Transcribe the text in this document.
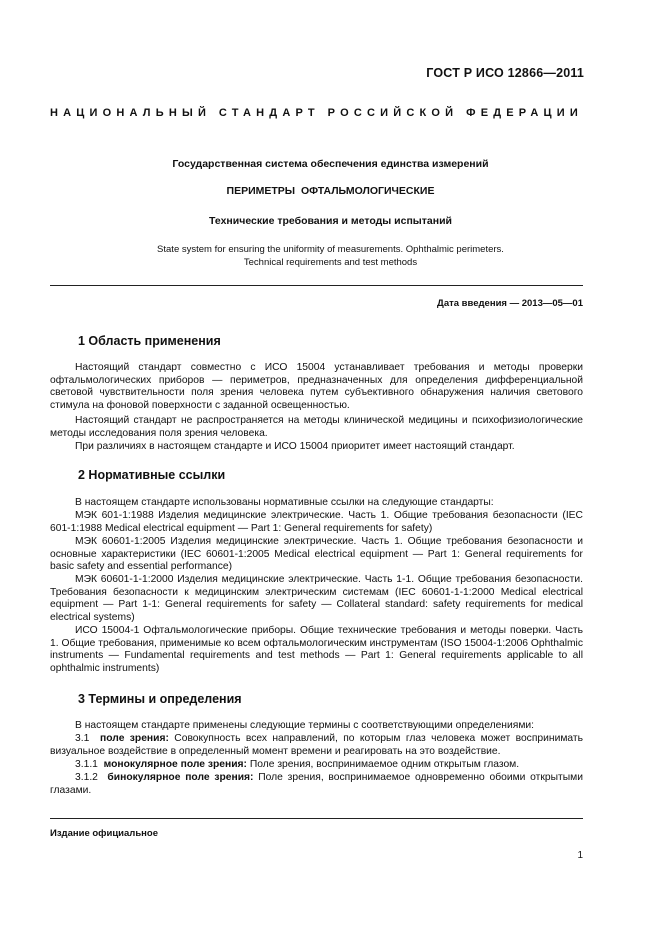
ГОСТ Р ИСО 12866—2011
НАЦИОНАЛЬНЫЙ СТАНДАРТ РОССИЙСКОЙ ФЕДЕРАЦИИ
Государственная система обеспечения единства измерений
ПЕРИМЕТРЫ ОФТАЛЬМОЛОГИЧЕСКИЕ
Технические требования и методы испытаний
State system for ensuring the uniformity of measurements. Ophthalmic perimeters.
Technical requirements and test methods
Дата введения — 2013—05—01
1 Область применения
Настоящий стандарт совместно с ИСО 15004 устанавливает требования и методы проверки офтальмологических приборов — периметров, предназначенных для определения дифференциальной световой чувствительности поля зрения человека путем субъективного обнаружения наличия светового стимула на фоновой поверхности с заданной освещенностью.
Настоящий стандарт не распространяется на методы клинической медицины и психофизиологические методы исследования поля зрения человека.
При различиях в настоящем стандарте и ИСО 15004 приоритет имеет настоящий стандарт.
2 Нормативные ссылки
В настоящем стандарте использованы нормативные ссылки на следующие стандарты:
МЭК 601-1:1988 Изделия медицинские электрические. Часть 1. Общие требования безопасности (IEC 601-1:1988 Medical electrical equipment — Part 1: General requirements for safety)
МЭК 60601-1:2005 Изделия медицинские электрические. Часть 1. Общие требования безопасности и основные характеристики (IEC 60601-1:2005 Medical electrical equipment — Part 1: General requirements for basic safety and essential performance)
МЭК 60601-1-1:2000 Изделия медицинские электрические. Часть 1-1. Общие требования безопасности. Требования безопасности к медицинским электрическим системам (IEC 60601-1-1:2000 Medical electrical equipment — Part 1-1: General requirements for safety — Collateral standard: safety requirements for medical electrical systems)
ИСО 15004-1 Офтальмологические приборы. Общие технические требования и методы поверки. Часть 1. Общие требования, применимые ко всем офтальмологическим инструментам (ISO 15004-1:2006 Ophthalmic instruments — Fundamental requirements and test methods — Part 1: General requirements applicable to all ophthalmic instruments)
3 Термины и определения
В настоящем стандарте применены следующие термины с соответствующими определениями:
3.1 поле зрения: Совокупность всех направлений, по которым глаз человека может воспринимать визуальное воздействие в определенный момент времени и реагировать на это воздействие.
3.1.1 монокулярное поле зрения: Поле зрения, воспринимаемое одним открытым глазом.
3.1.2 бинокулярное поле зрения: Поле зрения, воспринимаемое одновременно обоими открытыми глазами.
Издание официальное
1
